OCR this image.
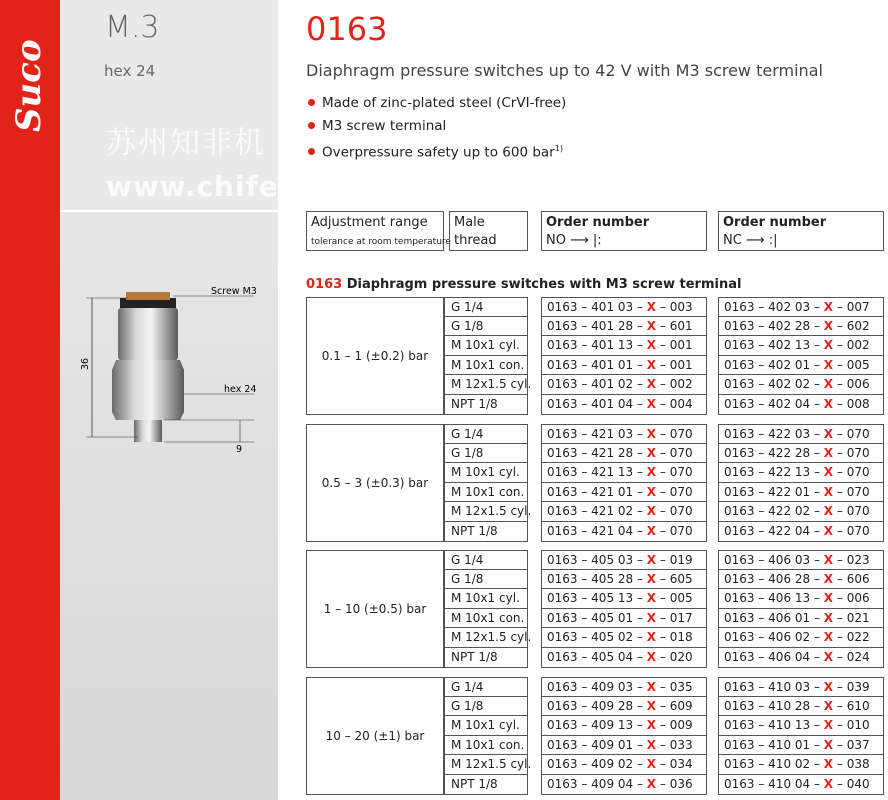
Suco
M.3
hex 24
0163
Diaphragm pressure switches up to 42 V with M3 screw terminal
Made of zinc-plated steel (CrVI-free)
M3 screw terminal
Overpressure safety up to 600 bar$^{1)}$
苏州知非机
www.chifee.com
36
Screw M3
hex 24
9
Adjustment range
tolerance at room temperature
Male
thread
Order number
NO ⟶ |:
Order number
NC ⟶ :|
0163 Diaphragm pressure switches with M3 screw terminal
0.1 – 1 (±0.2) bar
G 1/4
G 1/8
M 10x1 cyl.
M 10x1 con.
M 12x1.5 cyl.
NPT 1/8
0163 – 401 03 – X – 003
0163 – 401 28 – X – 601
0163 – 401 13 – X – 001
0163 – 401 01 – X – 001
0163 – 401 02 – X – 002
0163 – 401 04 – X – 004
0163 – 402 03 – X – 007
0163 – 402 28 – X – 602
0163 – 402 13 – X – 002
0163 – 402 01 – X – 005
0163 – 402 02 – X – 006
0163 – 402 04 – X – 008
0.5 – 3 (±0.3) bar
G 1/4
G 1/8
M 10x1 cyl.
M 10x1 con.
M 12x1.5 cyl.
NPT 1/8
0163 – 421 03 – X – 070
0163 – 421 28 – X – 070
0163 – 421 13 – X – 070
0163 – 421 01 – X – 070
0163 – 421 02 – X – 070
0163 – 421 04 – X – 070
0163 – 422 03 – X – 070
0163 – 422 28 – X – 070
0163 – 422 13 – X – 070
0163 – 422 01 – X – 070
0163 – 422 02 – X – 070
0163 – 422 04 – X – 070
1 – 10 (±0.5) bar
G 1/4
G 1/8
M 10x1 cyl.
M 10x1 con.
M 12x1.5 cyl.
NPT 1/8
0163 – 405 03 – X – 019
0163 – 405 28 – X – 605
0163 – 405 13 – X – 005
0163 – 405 01 – X – 017
0163 – 405 02 – X – 018
0163 – 405 04 – X – 020
0163 – 406 03 – X – 023
0163 – 406 28 – X – 606
0163 – 406 13 – X – 006
0163 – 406 01 – X – 021
0163 – 406 02 – X – 022
0163 – 406 04 – X – 024
10 – 20 (±1) bar
G 1/4
G 1/8
M 10x1 cyl.
M 10x1 con.
M 12x1.5 cyl.
NPT 1/8
0163 – 409 03 – X – 035
0163 – 409 28 – X – 609
0163 – 409 13 – X – 009
0163 – 409 01 – X – 033
0163 – 409 02 – X – 034
0163 – 409 04 – X – 036
0163 – 410 03 – X – 039
0163 – 410 28 – X – 610
0163 – 410 13 – X – 010
0163 – 410 01 – X – 037
0163 – 410 02 – X – 038
0163 – 410 04 – X – 040
